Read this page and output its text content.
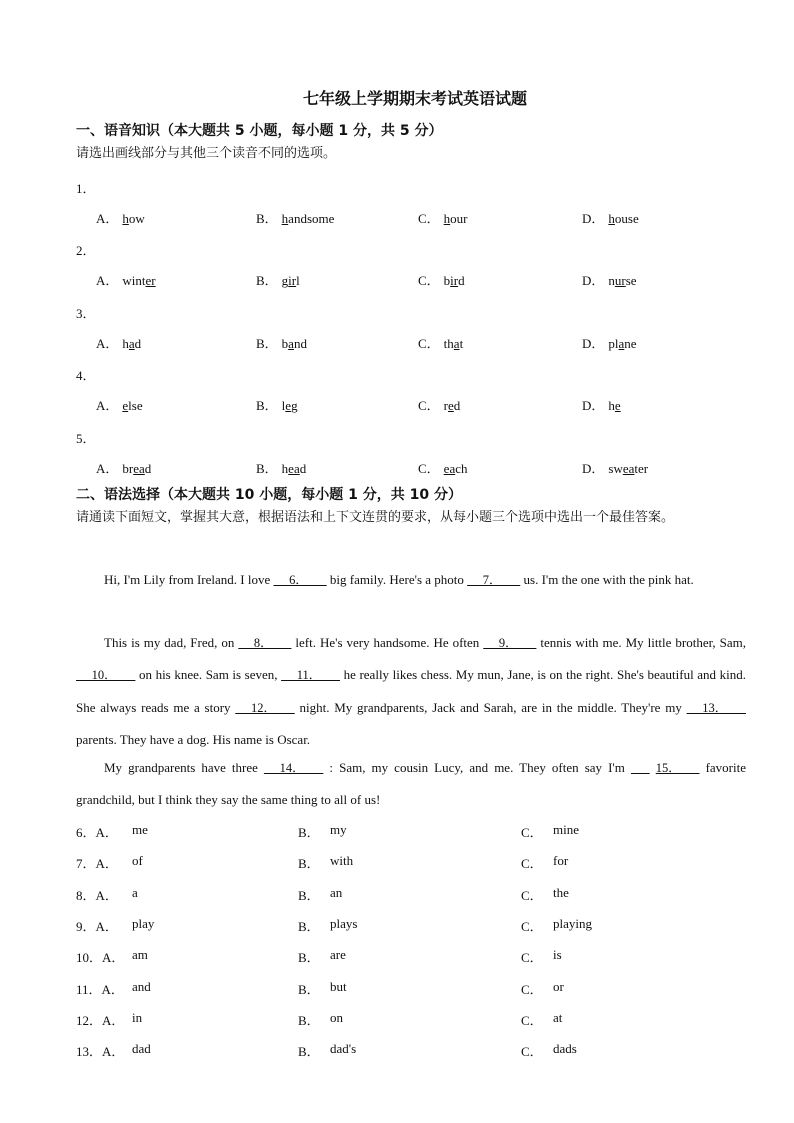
七年级上学期期末考试英语试题
一、语音知识（本大题共 5 小题，每小题 1 分，共 5 分）
请选出画线部分与其他三个读音不同的选项。
1．
A． how	B． handsome	C． hour	D． house
2．
A． winter	B． girl	C． bird	D． nurse
3．
A． had	B． band	C． that	D． plane
4．
A． else	B． leg	C． red	D． he
5．
A． bread	B． head	C． each	D． sweater
二、语法选择（本大题共 10 小题，每小题 1 分，共 10 分）
请通读下面短文，掌握其大意，根据语法和上下文连贯的要求，从每小题三个选项中选出一个最佳答案。
Hi, I'm Lily from Ireland. I love      6．       big family. Here's a photo      7．       us. I'm the one with the pink hat.
This is my dad, Fred, on      8．       left. He's very handsome. He often      9．       tennis with me. My little brother, Sam,      10．       on his knee. Sam is seven,      11．       he really likes chess. My mun, Jane, is on the right. She's beautiful and kind. She always reads me a story      12．       night. My grandparents, Jack and Sarah, are in the middle. They're my      13．       parents. They have a dog. His name is Oscar.
My grandparents have three      14．       : Sam, my cousin Lucy, and me. They often say I'm        15．       favorite grandchild, but I think they say the same thing to all of us!
6．A． me	B． my	C． mine
7．A． of	B． with	C． for
8．A． a	B． an	C． the
9．A． play	B． plays	C． playing
10．A． am	B． are	C． is
11．A． and	B． but	C． or
12．A． in	B． on	C． at
13．A． dad	B． dad's	C． dads
